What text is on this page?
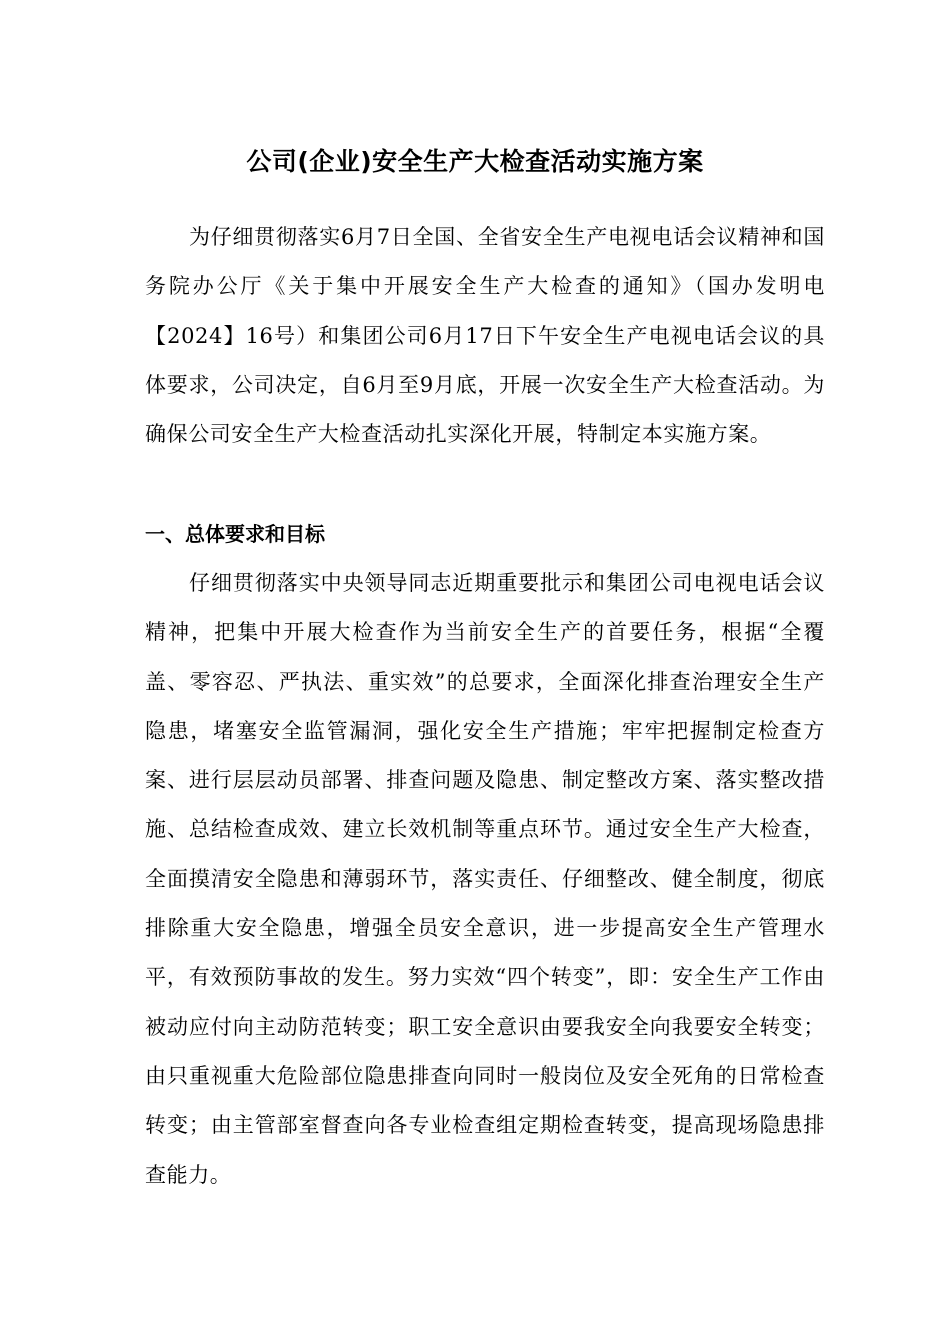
公司(企业)安全生产大检查活动实施方案

为仔细贯彻落实6月7日全国、全省安全生产电视电话会议精神和国务院办公厅《关于集中开展安全生产大检查的通知》（国办发明电【2024】16号）和集团公司6月17日下午安全生产电视电话会议的具体要求，公司决定，自6月至9月底，开展一次安全生产大检查活动。为确保公司安全生产大检查活动扎实深化开展，特制定本实施方案。

一、总体要求和目标

仔细贯彻落实中央领导同志近期重要批示和集团公司电视电话会议精神，把集中开展大检查作为当前安全生产的首要任务，根据“全覆盖、零容忍、严执法、重实效”的总要求，全面深化排查治理安全生产隐患，堵塞安全监管漏洞，强化安全生产措施；牢牢把握制定检查方案、进行层层动员部署、排查问题及隐患、制定整改方案、落实整改措施、总结检查成效、建立长效机制等重点环节。通过安全生产大检查，全面摸清安全隐患和薄弱环节，落实责任、仔细整改、健全制度，彻底排除重大安全隐患，增强全员安全意识，进一步提高安全生产管理水平，有效预防事故的发生。努力实效“四个转变”，即：安全生产工作由被动应付向主动防范转变；职工安全意识由要我安全向我要安全转变；由只重视重大危险部位隐患排查向同时一般岗位及安全死角的日常检查转变；由主管部室督查向各专业检查组定期检查转变，提高现场隐患排查能力。
